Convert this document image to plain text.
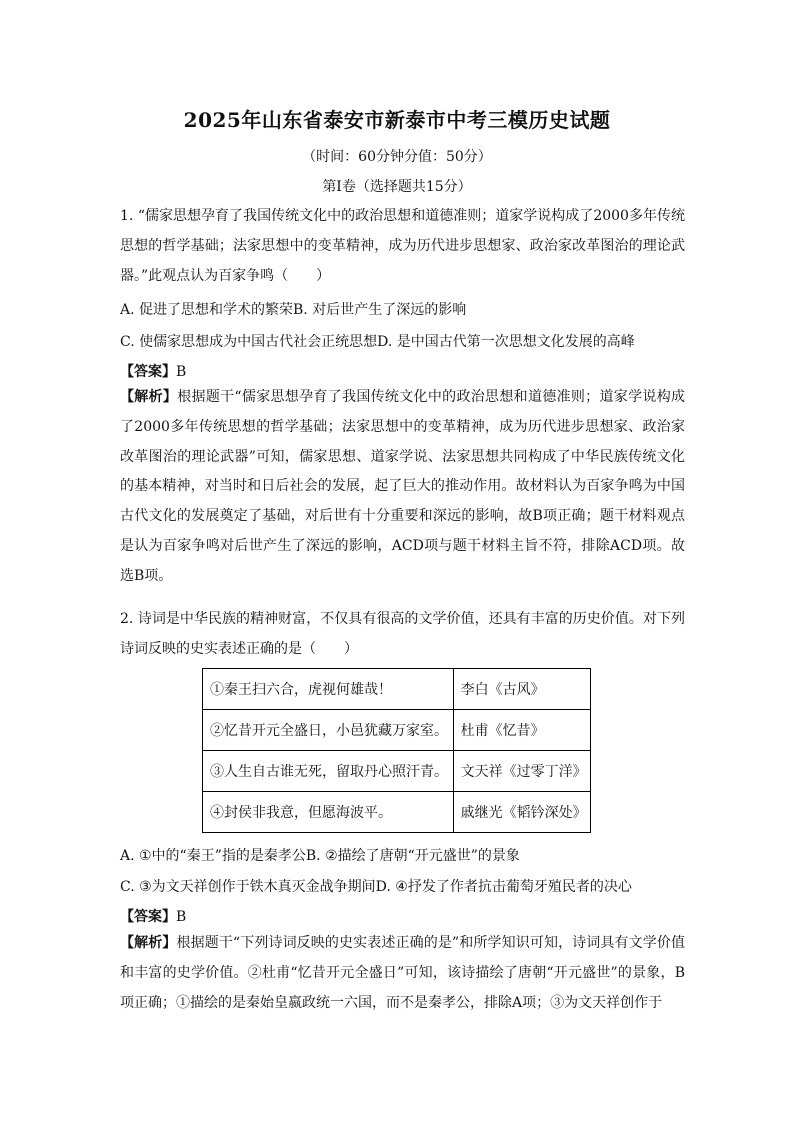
2025年山东省泰安市新泰市中考三模历史试题
（时间：60分钟分值：50分）
第Ⅰ卷（选择题共15分）

1. “儒家思想孕育了我国传统文化中的政治思想和道德准则；道家学说构成了2000多年传统思想的哲学基础；法家思想中的变革精神，成为历代进步思想家、政治家改革图治的理论武器。”此观点认为百家争鸣（　　）

A. 促进了思想和学术的繁荣B. 对后世产生了深远的影响
C. 使儒家思想成为中国古代社会正统思想D. 是中国古代第一次思想文化发展的高峰
【答案】B

【解析】根据题干“儒家思想孕育了我国传统文化中的政治思想和道德准则；道家学说构成了2000多年传统思想的哲学基础；法家思想中的变革精神，成为历代进步思想家、政治家改革图治的理论武器”可知，儒家思想、道家学说、法家思想共同构成了中华民族传统文化的基本精神，对当时和日后社会的发展，起了巨大的推动作用。故材料认为百家争鸣为中国古代文化的发展奠定了基础，对后世有十分重要和深远的影响，故B项正确；题干材料观点是认为百家争鸣对后世产生了深远的影响，ACD项与题干材料主旨不符，排除ACD项。故选B项。

2. 诗词是中华民族的精神财富，不仅具有很高的文学价值，还具有丰富的历史价值。对下列诗词反映的史实表述正确的是（　　）

①秦王扫六合，虎视何雄哉！	李白《古风》
②忆昔开元全盛日，小邑犹藏万家室。	杜甫《忆昔》
③人生自古谁无死，留取丹心照汗青。	文天祥《过零丁洋》
④封侯非我意，但愿海波平。	戚继光《韬钤深处》
A. ①中的“秦王”指的是秦孝公B. ②描绘了唐朝“开元盛世”的景象
C. ③为文天祥创作于铁木真灭金战争期间D. ④抒发了作者抗击葡萄牙殖民者的决心
【答案】B

【解析】根据题干“下列诗词反映的史实表述正确的是”和所学知识可知，诗词具有文学价值和丰富的史学价值。②杜甫“忆昔开元全盛日”可知，该诗描绘了唐朝“开元盛世”的景象，B项正确；①描绘的是秦始皇嬴政统一六国，而不是秦孝公，排除A项；③为文天祥创作于
